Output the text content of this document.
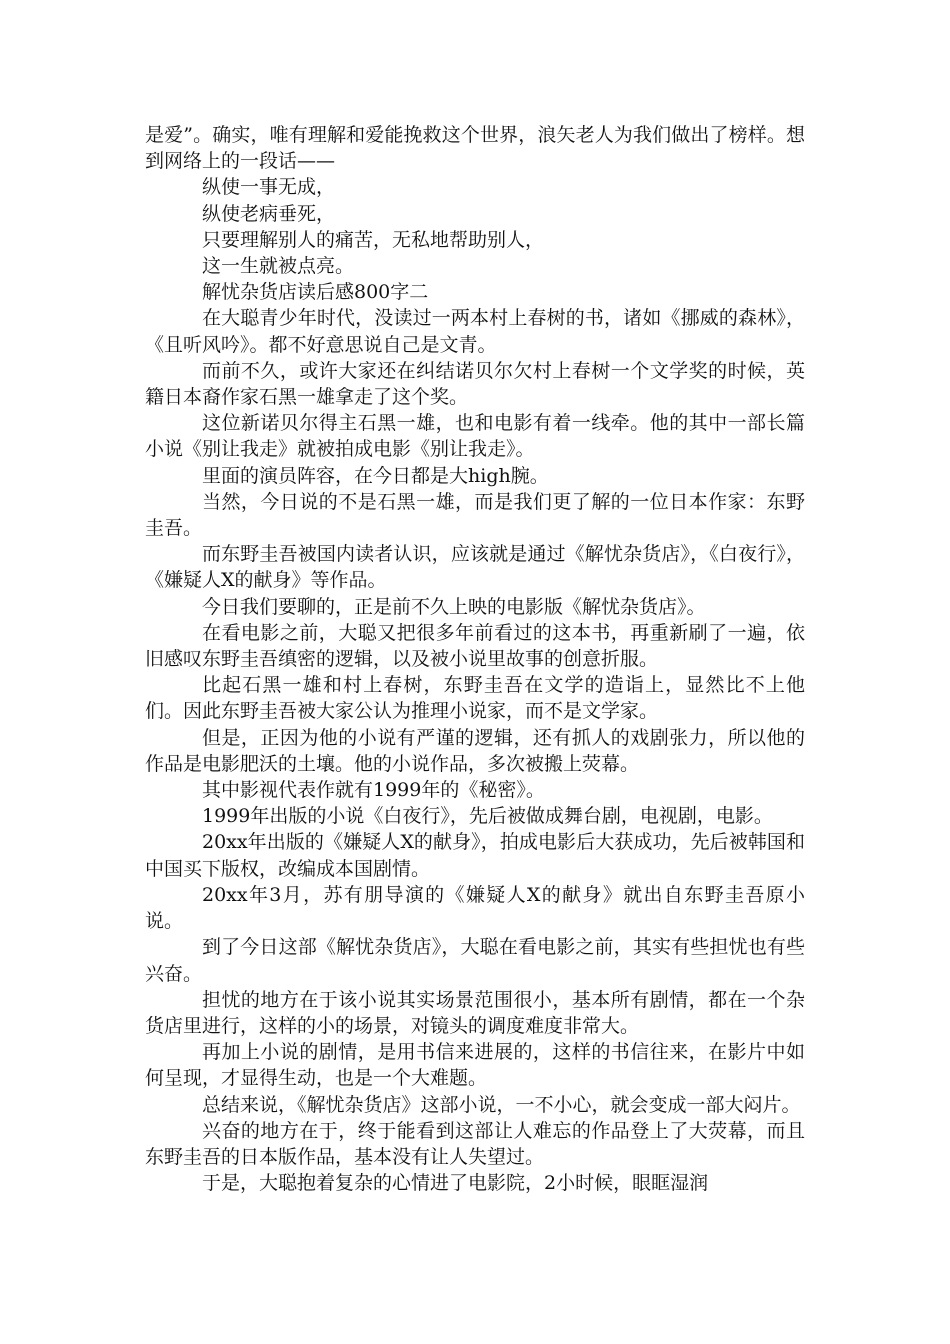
是爱”。确实，唯有理解和爱能挽救这个世界，浪矢老人为我们做出了榜样。想到网络上的一段话——

纵使一事无成，

纵使老病垂死，

只要理解别人的痛苦，无私地帮助别人，

这一生就被点亮。

解忧杂货店读后感800字二

在大聪青少年时代，没读过一两本村上春树的书，诸如《挪威的森林》，《且听风吟》。都不好意思说自己是文青。

而前不久，或许大家还在纠结诺贝尔欠村上春树一个文学奖的时候，英籍日本裔作家石黑一雄拿走了这个奖。

这位新诺贝尔得主石黑一雄，也和电影有着一线牵。他的其中一部长篇小说《别让我走》就被拍成电影《别让我走》。

里面的演员阵容，在今日都是大high腕。

当然，今日说的不是石黑一雄，而是我们更了解的一位日本作家：东野圭吾。

而东野圭吾被国内读者认识，应该就是通过《解忧杂货店》，《白夜行》，《嫌疑人X的献身》等作品。

今日我们要聊的，正是前不久上映的电影版《解忧杂货店》。

在看电影之前，大聪又把很多年前看过的这本书，再重新刷了一遍，依旧感叹东野圭吾缜密的逻辑，以及被小说里故事的创意折服。

比起石黑一雄和村上春树，东野圭吾在文学的造诣上，显然比不上他们。因此东野圭吾被大家公认为推理小说家，而不是文学家。

但是，正因为他的小说有严谨的逻辑，还有抓人的戏剧张力，所以他的作品是电影肥沃的土壤。他的小说作品，多次被搬上荧幕。

其中影视代表作就有1999年的《秘密》。

1999年出版的小说《白夜行》，先后被做成舞台剧，电视剧，电影。

20xx年出版的《嫌疑人X的献身》，拍成电影后大获成功，先后被韩国和中国买下版权，改编成本国剧情。

20xx年3月，苏有朋导演的《嫌疑人X的献身》就出自东野圭吾原小说。

到了今日这部《解忧杂货店》，大聪在看电影之前，其实有些担忧也有些兴奋。

担忧的地方在于该小说其实场景范围很小，基本所有剧情，都在一个杂货店里进行，这样的小的场景，对镜头的调度难度非常大。

再加上小说的剧情，是用书信来进展的，这样的书信往来，在影片中如何呈现，才显得生动，也是一个大难题。

总结来说，《解忧杂货店》这部小说，一不小心，就会变成一部大闷片。

兴奋的地方在于，终于能看到这部让人难忘的作品登上了大荧幕，而且东野圭吾的日本版作品，基本没有让人失望过。

于是，大聪抱着复杂的心情进了电影院，2小时候，眼眶湿润
